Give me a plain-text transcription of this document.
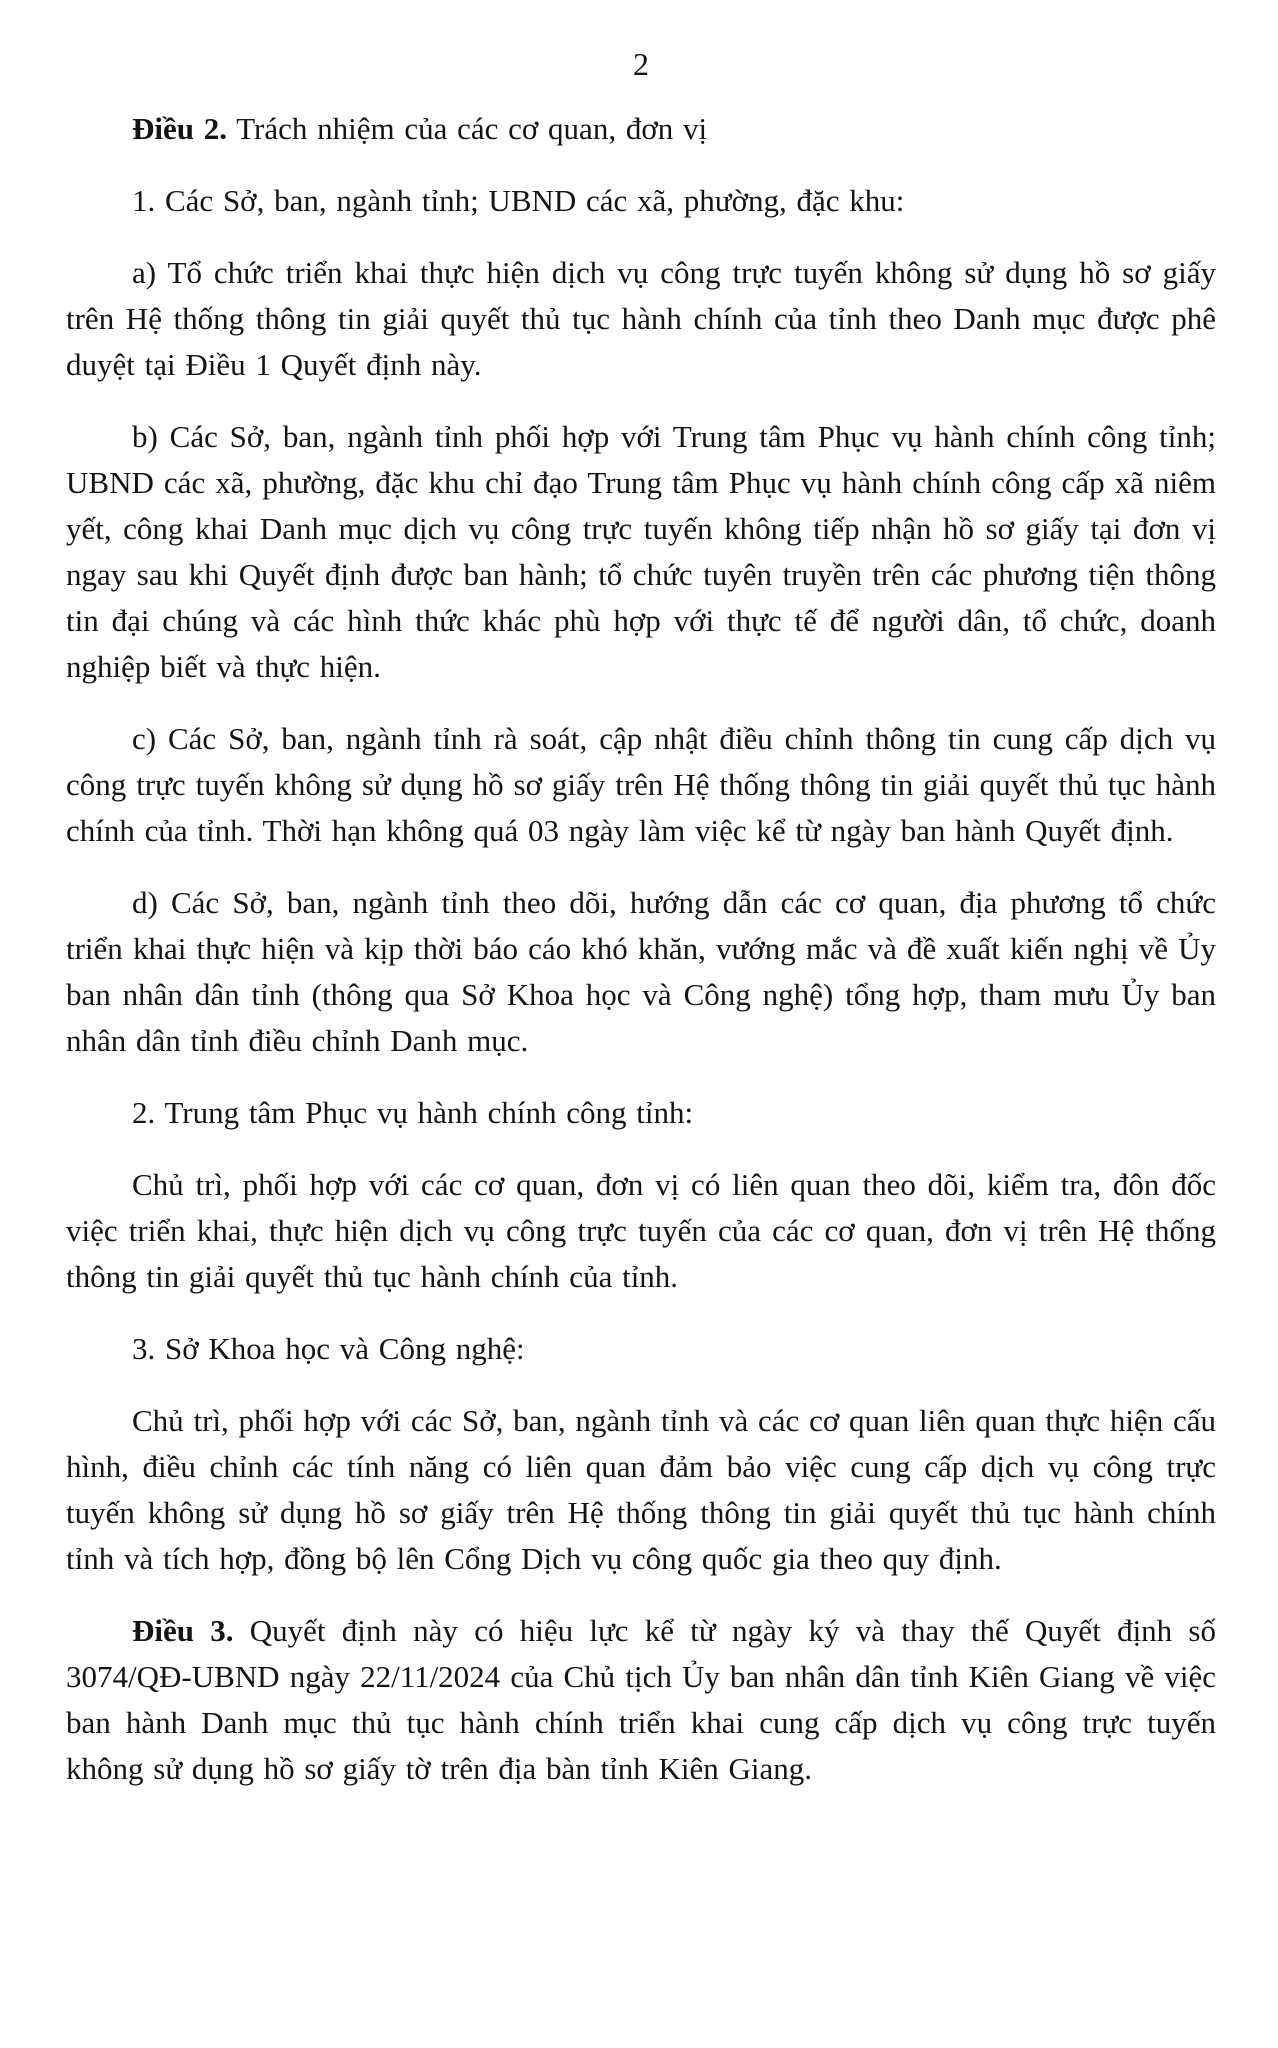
2

Điều 2. Trách nhiệm của các cơ quan, đơn vị

1. Các Sở, ban, ngành tỉnh; UBND các xã, phường, đặc khu:

a) Tổ chức triển khai thực hiện dịch vụ công trực tuyến không sử dụng hồ sơ giấy trên Hệ thống thông tin giải quyết thủ tục hành chính của tỉnh theo Danh mục được phê duyệt tại Điều 1 Quyết định này.

b) Các Sở, ban, ngành tỉnh phối hợp với Trung tâm Phục vụ hành chính công tỉnh; UBND các xã, phường, đặc khu chỉ đạo Trung tâm Phục vụ hành chính công cấp xã niêm yết, công khai Danh mục dịch vụ công trực tuyến không tiếp nhận hồ sơ giấy tại đơn vị ngay sau khi Quyết định được ban hành; tổ chức tuyên truyền trên các phương tiện thông tin đại chúng và các hình thức khác phù hợp với thực tế để người dân, tổ chức, doanh nghiệp biết và thực hiện.

c) Các Sở, ban, ngành tỉnh rà soát, cập nhật điều chỉnh thông tin cung cấp dịch vụ công trực tuyến không sử dụng hồ sơ giấy trên Hệ thống thông tin giải quyết thủ tục hành chính của tỉnh. Thời hạn không quá 03 ngày làm việc kể từ ngày ban hành Quyết định.

d) Các Sở, ban, ngành tỉnh theo dõi, hướng dẫn các cơ quan, địa phương tổ chức triển khai thực hiện và kịp thời báo cáo khó khăn, vướng mắc và đề xuất kiến nghị về Ủy ban nhân dân tỉnh (thông qua Sở Khoa học và Công nghệ) tổng hợp, tham mưu Ủy ban nhân dân tỉnh điều chỉnh Danh mục.

2. Trung tâm Phục vụ hành chính công tỉnh:

Chủ trì, phối hợp với các cơ quan, đơn vị có liên quan theo dõi, kiểm tra, đôn đốc việc triển khai, thực hiện dịch vụ công trực tuyến của các cơ quan, đơn vị trên Hệ thống thông tin giải quyết thủ tục hành chính của tỉnh.

3. Sở Khoa học và Công nghệ:

Chủ trì, phối hợp với các Sở, ban, ngành tỉnh và các cơ quan liên quan thực hiện cấu hình, điều chỉnh các tính năng có liên quan đảm bảo việc cung cấp dịch vụ công trực tuyến không sử dụng hồ sơ giấy trên Hệ thống thông tin giải quyết thủ tục hành chính tỉnh và tích hợp, đồng bộ lên Cổng Dịch vụ công quốc gia theo quy định.

Điều 3. Quyết định này có hiệu lực kể từ ngày ký và thay thế Quyết định số 3074/QĐ-UBND ngày 22/11/2024 của Chủ tịch Ủy ban nhân dân tỉnh Kiên Giang về việc ban hành Danh mục thủ tục hành chính triển khai cung cấp dịch vụ công trực tuyến không sử dụng hồ sơ giấy tờ trên địa bàn tỉnh Kiên Giang.
